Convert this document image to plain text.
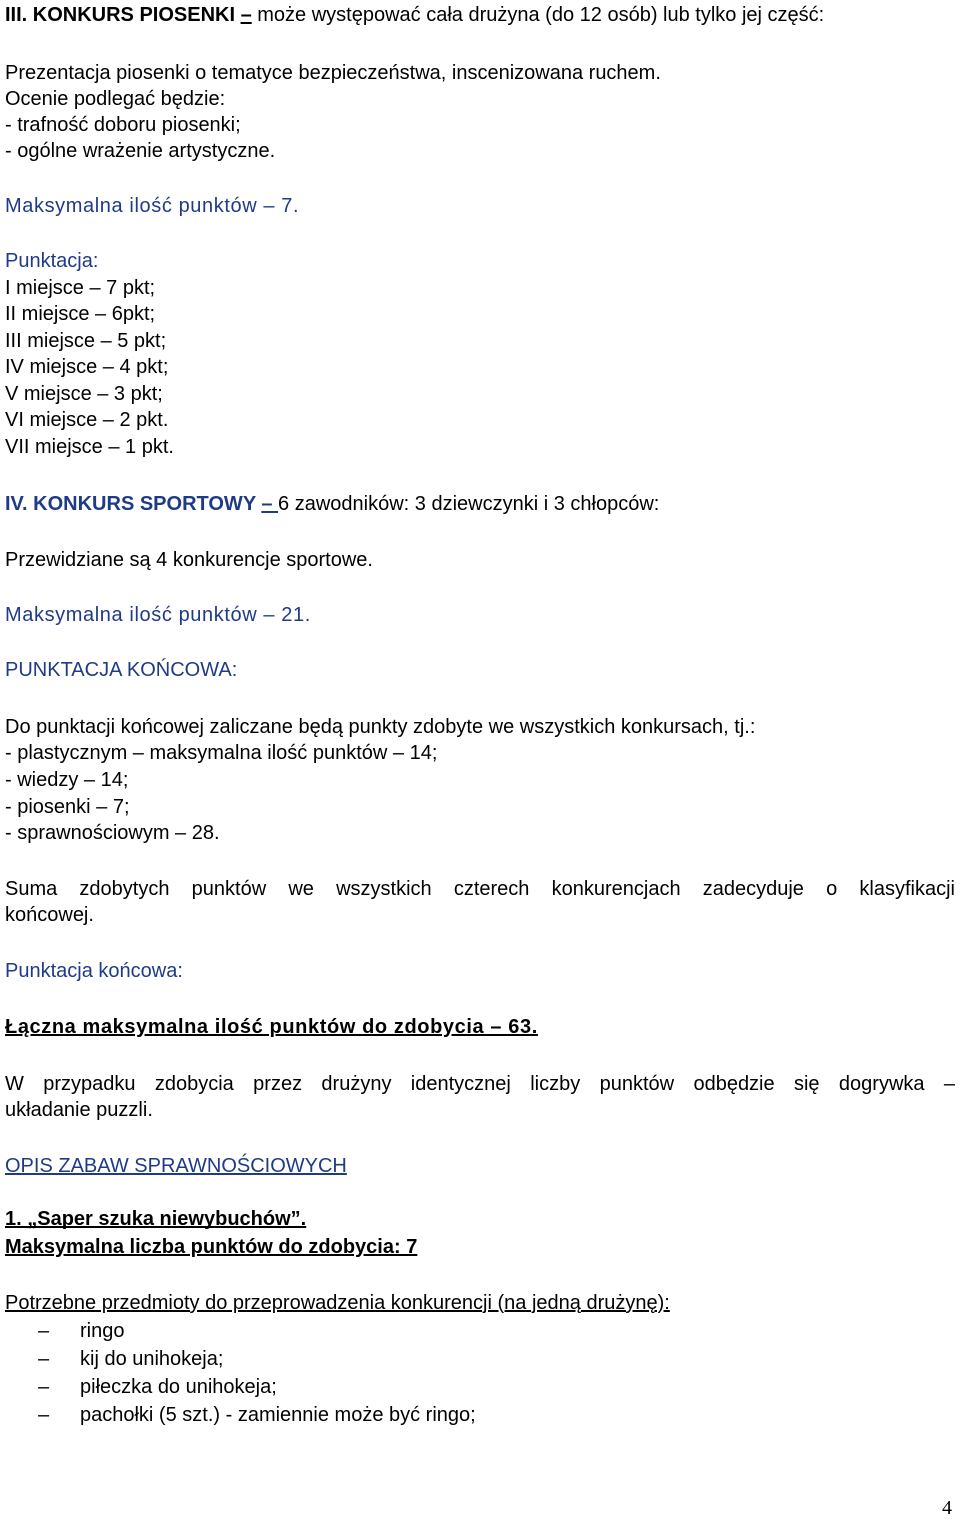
III. KONKURS PIOSENKI – może występować cała drużyna (do 12 osób) lub tylko jej część:
Prezentacja piosenki o tematyce bezpieczeństwa, inscenizowana ruchem.
Ocenie podlegać będzie:
- trafność doboru piosenki;
- ogólne wrażenie artystyczne.
Maksymalna ilość punktów – 7.
Punktacja:
I miejsce – 7 pkt;
II miejsce – 6pkt;
III miejsce – 5 pkt;
IV miejsce – 4 pkt;
V miejsce – 3 pkt;
VI miejsce – 2 pkt.
VII miejsce – 1 pkt.
IV. KONKURS SPORTOWY – 6 zawodników: 3 dziewczynki i 3 chłopców:
Przewidziane są 4 konkurencje sportowe.
Maksymalna ilość punktów – 21.
PUNKTACJA KOŃCOWA:
Do punktacji końcowej zaliczane będą punkty zdobyte we wszystkich konkursach, tj.:
- plastycznym – maksymalna ilość punktów – 14;
- wiedzy – 14;
- piosenki – 7;
- sprawnościowym – 28.
Suma zdobytych punktów we wszystkich czterech konkurencjach zadecyduje o klasyfikacji
końcowej.
Punktacja końcowa:
Łączna maksymalna ilość punktów do zdobycia – 63.
W przypadku zdobycia przez drużyny identycznej liczby punktów odbędzie się dogrywka –
układanie puzzli.
OPIS ZABAW SPRAWNOŚCIOWYCH
1. „Saper szuka niewybuchów”.
Maksymalna liczba punktów do zdobycia: 7
Potrzebne przedmioty do przeprowadzenia konkurencji (na jedną drużynę):
– ringo
– kij do unihokeja;
– piłeczka do unihokeja;
– pachołki (5 szt.) - zamiennie może być ringo;
4
